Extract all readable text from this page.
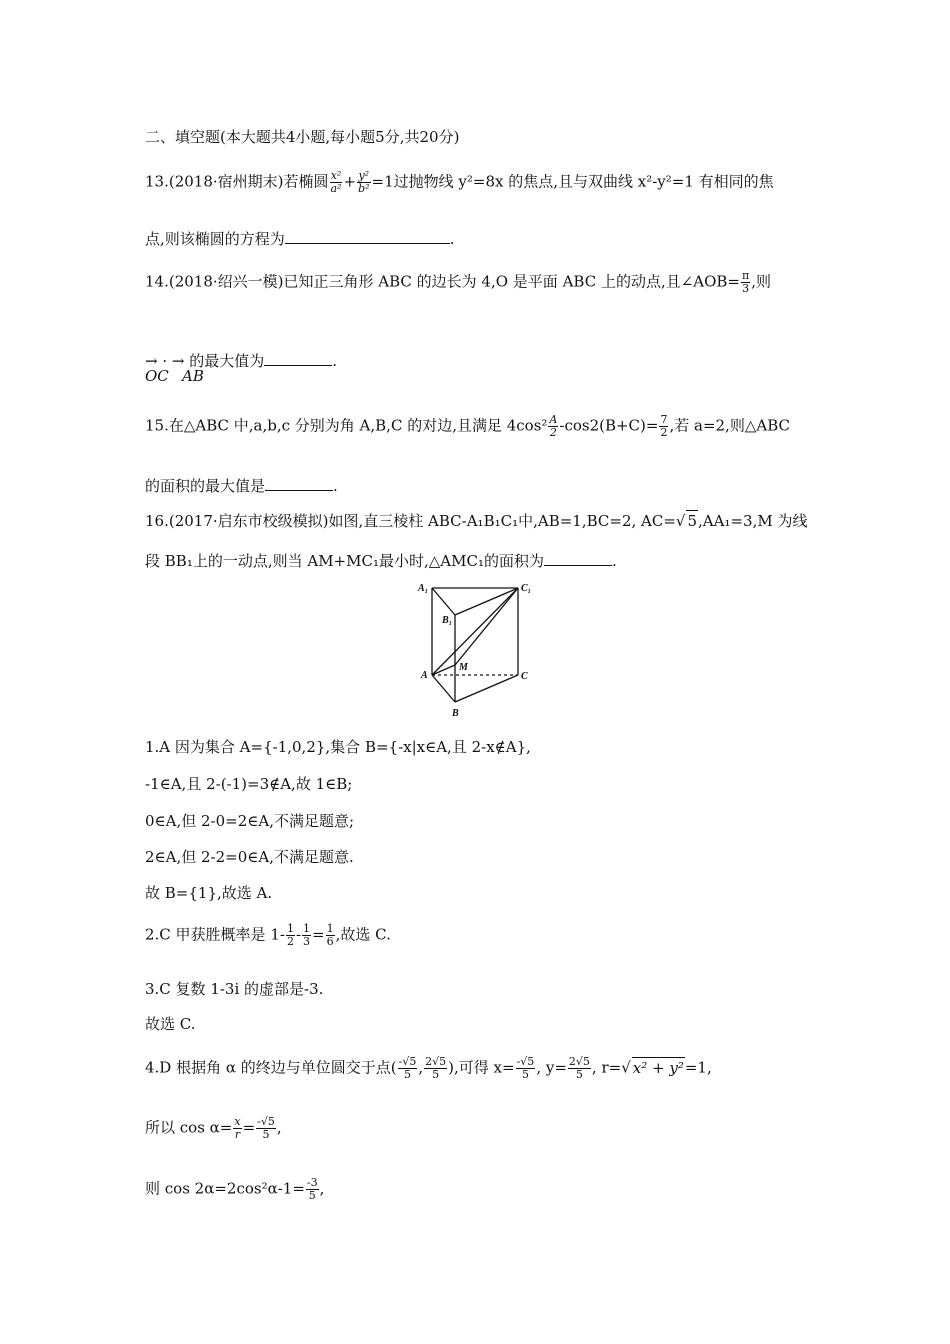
二、填空题(本大题共4小题,每小题5分,共20分)
13.(2018·宿州期末)若椭圆 $\frac{\text{x²}}{\text{a²}} + \frac{\text{y²}}{\text{b²}} =1$过抛物线 y²=8x 的焦点,且与双曲线 x²-y²=1 有相同的焦
点,则该椭圆的方程为	.
14.(2018·绍兴一模)已知正三角形 ABC 的边长为 4,O 是平面 ABC 上的动点,且∠AOB= $\frac{\pi}{3}$ ,则
→ · → 的最大值为	.
OC AB
15.在△ABC 中,a,b,c 分别为角 A,B,C 的对边,且满足 $4\cos^2 \frac{A}{2} -\cos 2(B+C)= \frac{7}{2}$ ,若 a=2,则△ABC
的面积的最大值是	.
16.(2017·启东市校级模拟)如图,直三棱柱 ABC-A₁B₁C₁中,AB=1,BC=2, AC=√ 5,AA₁=3,M 为线
段 BB₁上的一动点,则当 AM+MC₁最小时,△AMC₁的面积为	.
A₁	C₁
B₁
M
A	C
B
1.A 因为集合 A={-1,0,2},集合 B={-x|x∈A,且 2-x∉A},
-1∈A,且 2-(-1)=3∉A,故 1∈B;
0∈A,但 2-0=2∈A,不满足题意;
2∈A,但 2-2=0∈A,不满足题意.
故 B={1},故选 A.
2.C 甲获胜概率是 $1- \frac{1}{2} - \frac{1}{3} = \frac{1}{6}$ ,故选 C.
3.C 复数 1-3i 的虚部是-3.
故选 C.
4.D 根据角 α 的终边与单位圆交于点( $\frac{-√5}{5}$ , $\frac{2√5}{5}$ ),可得 $x= \frac{-√5}{5}$ , $y= \frac{2√5}{5}$ , r=√ x² + y²=1,
所以 $\cos \alpha= \frac{x}{r} = \frac{-√5}{5}$ ,
则 $\cos 2\alpha=2\cos^2\alpha-1= \frac{-3}{5}$ ,
